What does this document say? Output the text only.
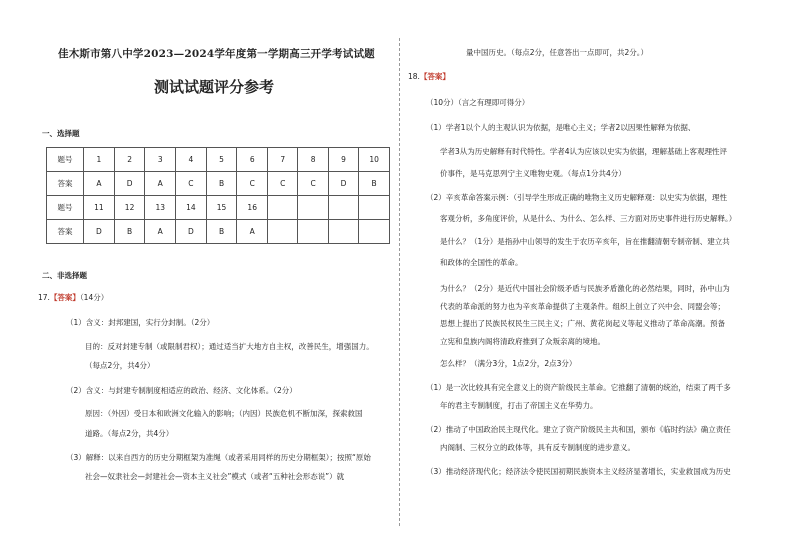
佳木斯市第八中学2023—2024学年度第一学期高三开学考试试题
测试试题评分参考
一、选择题
题号	1	2	3	4	5	6	7	8	9	10
答案	A	D	A	C	B	C	C	C	D	B
题号	11	12	13	14	15	16				
答案	D	B	A	D	B	A				
二、非选择题
17.【答案】（14分）
（1）含义：封邦建国，实行分封制。（2分）
目的：反对封建专制（或限制君权）；通过适当扩大地方自主权，改善民生，增强国力。
（每点2分，共4分）
（2）含义：与封建专制制度相适应的政治、经济、文化体系。（2分）
原因：（外因）受日本和欧洲文化输入的影响；（内因）民族危机不断加深，探索救国
道路。（每点2分，共4分）
（3）解释：以来自西方的历史分期框架为准绳（或者采用同样的历史分期框架）；按照“原始
社会—奴隶社会—封建社会—资本主义社会”模式（或者“五种社会形态说”）就
量中国历史。（每点2分，任意答出一点即可，共2分。）
18.【答案】
（10分）（言之有理即可得分）
（1）学者1以个人的主观认识为依据，是唯心主义；学者2以因果性解释为依据、
学者3从为历史解释有时代特性。学者4认为应该以史实为依据，理解基础上客观理性评
价事件，是马克思列宁主义唯物史观。（每点1分共4分）
（2）辛亥革命答案示例：（引导学生形成正确的唯物主义历史解释观：以史实为依据，理性
客观分析，多角度评价，从是什么、为什么、怎么样、三方面对历史事件进行历史解释。）
是什么？（1分）是指孙中山领导的发生于农历辛亥年，旨在推翻清朝专制帝制、建立共
和政体的全国性的革命。
为什么？（2分）是近代中国社会阶级矛盾与民族矛盾激化的必然结果，同时，孙中山为
代表的革命派的努力也为辛亥革命提供了主观条件。组织上创立了兴中会、同盟会等；
思想上提出了民族民权民生三民主义；广州、黄花岗起义等起义推动了革命高潮。预备
立宪和皇族内阁将清政府推到了众叛亲离的境地。
怎么样？（满分3分，1点2分，2点3分）
（1）是一次比较具有完全意义上的资产阶级民主革命。它推翻了清朝的统治，结束了两千多
年的君主专制制度，打击了帝国主义在华势力。
（2）推动了中国政治民主现代化。建立了资产阶级民主共和国，颁布《临时约法》确立责任
内阁制、三权分立的政体等，具有反专制制度的进步意义。
（3）推动经济现代化；经济法令使民国初期民族资本主义经济显著增长，实业救国成为历史
